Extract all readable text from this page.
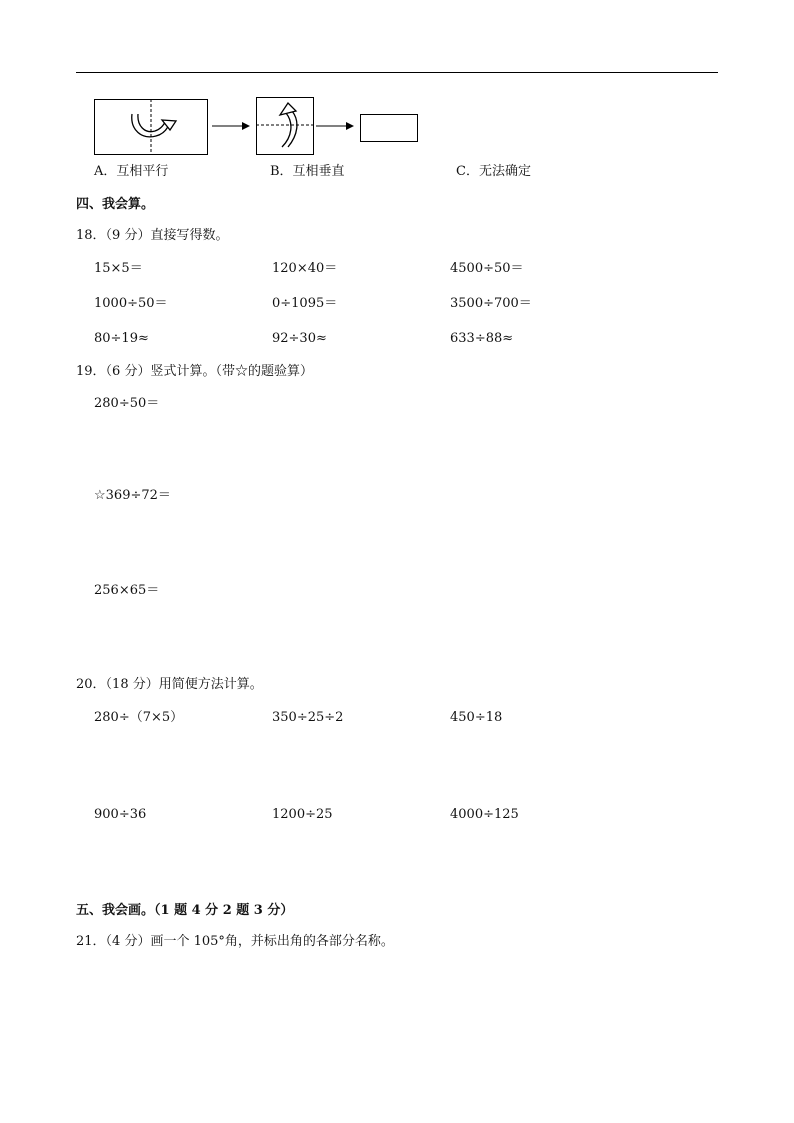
A．互相平行	B．互相垂直	C．无法确定
四、我会算。
18．（9 分）直接写得数。
15×5＝	120×40＝	4500÷50＝
1000÷50＝	0÷1095＝	3500÷700＝
80÷19≈	92÷30≈	633÷88≈
19．（6 分）竖式计算。（带☆的题验算）
280÷50＝
☆369÷72＝
256×65＝
20．（18 分）用简便方法计算。
280÷（7×5）	350÷25÷2	450÷18
900÷36	1200÷25	4000÷125
五、我会画。（1 题 4 分 2 题 3 分）
21．（4 分）画一个 105°角，并标出角的各部分名称。
